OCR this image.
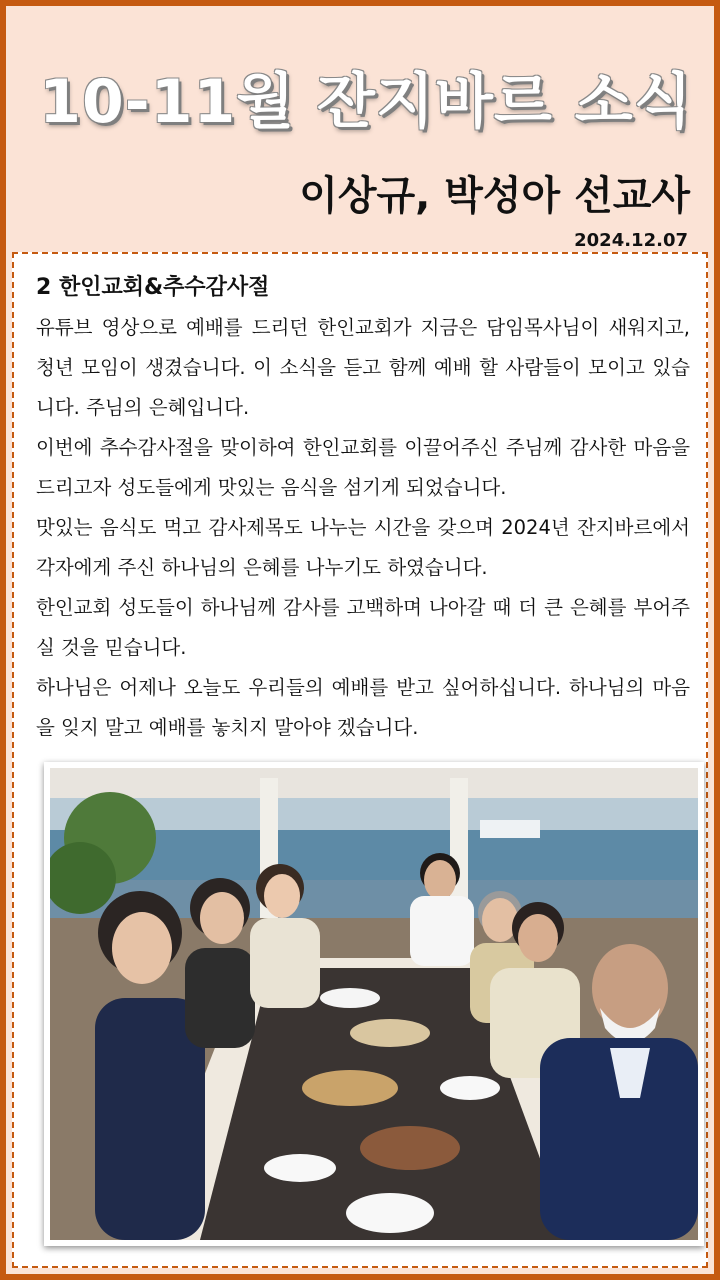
10-11월 잔지바르 소식
이상규, 박성아 선교사
2024.12.07
2 한인교회&추수감사절

유튜브 영상으로 예배를 드리던 한인교회가 지금은 담임목사님이 새워지고, 청년 모임이 생겼습니다. 이 소식을 듣고 함께 예배 할 사람들이 모이고 있습니다. 주님의 은혜입니다.

이번에 추수감사절을 맞이하여 한인교회를 이끌어주신 주님께 감사한 마음을 드리고자 성도들에게 맛있는 음식을 섬기게 되었습니다.

맛있는 음식도 먹고 감사제목도 나누는 시간을 갖으며 2024년 잔지바르에서 각자에게 주신 하나님의 은혜를 나누기도 하였습니다.

한인교회 성도들이 하나님께 감사를 고백하며 나아갈 때 더 큰 은혜를 부어주실 것을 믿습니다.

하나님은 어제나 오늘도 우리들의 예배를 받고 싶어하십니다. 하나님의 마음을 잊지 말고 예배를 놓치지 말아야 겠습니다.
